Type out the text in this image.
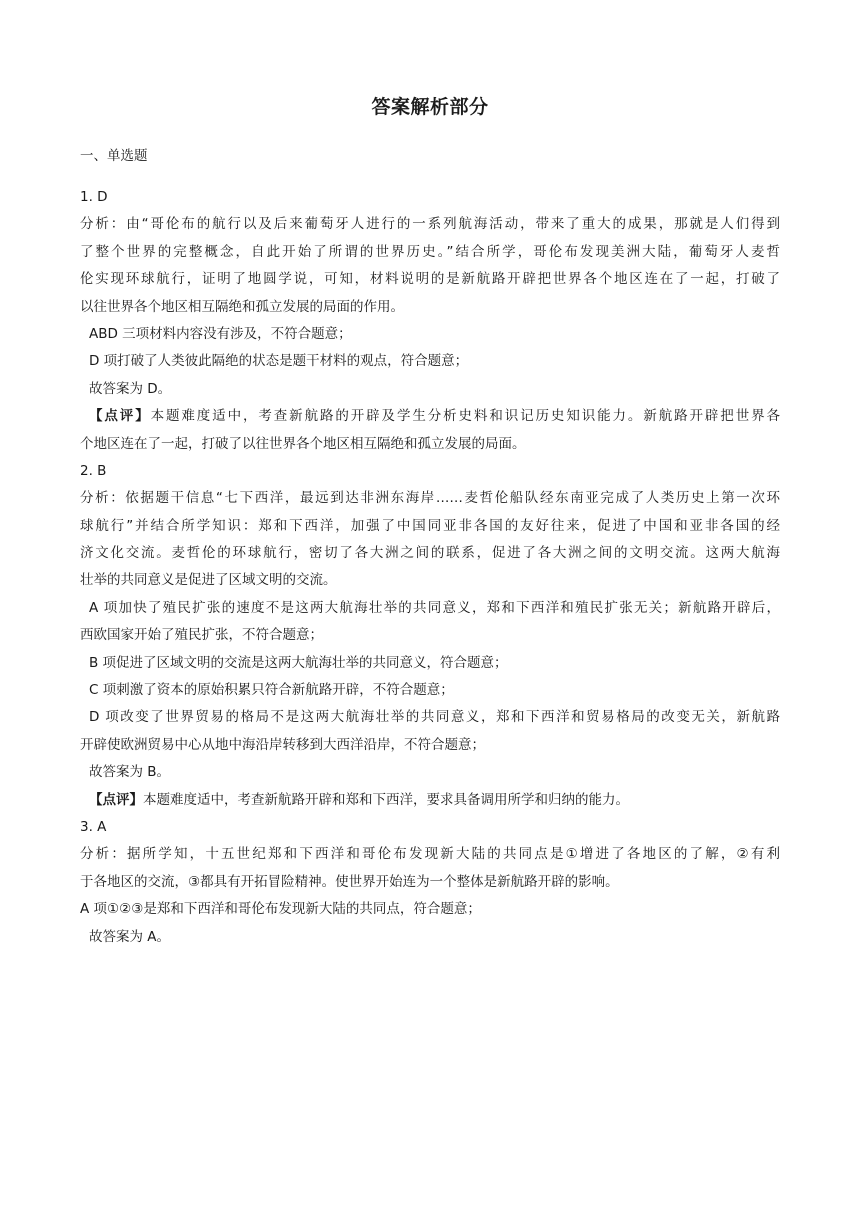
答案解析部分
一、单选题
1. D
分析：由“哥伦布的航行以及后来葡萄牙人进行的一系列航海活动，带来了重大的成果，那就是人们得到
了整个世界的完整概念，自此开始了所谓的世界历史。”结合所学，哥伦布发现美洲大陆，葡萄牙人麦哲
伦实现环球航行，证明了地圆学说，可知，材料说明的是新航路开辟把世界各个地区连在了一起，打破了
以往世界各个地区相互隔绝和孤立发展的局面的作用。
ABD 三项材料内容没有涉及，不符合题意；
D 项打破了人类彼此隔绝的状态是题干材料的观点，符合题意；
故答案为 D。
【点评】本题难度适中，考查新航路的开辟及学生分析史料和识记历史知识能力。新航路开辟把世界各
个地区连在了一起，打破了以往世界各个地区相互隔绝和孤立发展的局面。
2. B
分析：依据题干信息“七下西洋，最远到达非洲东海岸……麦哲伦船队经东南亚完成了人类历史上第一次环
球航行”并结合所学知识：郑和下西洋，加强了中国同亚非各国的友好往来，促进了中国和亚非各国的经
济文化交流。麦哲伦的环球航行，密切了各大洲之间的联系，促进了各大洲之间的文明交流。这两大航海
壮举的共同意义是促进了区域文明的交流。
A 项加快了殖民扩张的速度不是这两大航海壮举的共同意义，郑和下西洋和殖民扩张无关；新航路开辟后，
西欧国家开始了殖民扩张，不符合题意；
B 项促进了区域文明的交流是这两大航海壮举的共同意义，符合题意；
C 项刺激了资本的原始积累只符合新航路开辟，不符合题意；
D 项改变了世界贸易的格局不是这两大航海壮举的共同意义，郑和下西洋和贸易格局的改变无关，新航路
开辟使欧洲贸易中心从地中海沿岸转移到大西洋沿岸，不符合题意；
故答案为 B。
【点评】本题难度适中，考查新航路开辟和郑和下西洋，要求具备调用所学和归纳的能力。
3. A
分析：据所学知，十五世纪郑和下西洋和哥伦布发现新大陆的共同点是①增进了各地区的了解，②有利
于各地区的交流，③都具有开拓冒险精神。使世界开始连为一个整体是新航路开辟的影响。
A 项①②③是郑和下西洋和哥伦布发现新大陆的共同点，符合题意；
故答案为 A。
